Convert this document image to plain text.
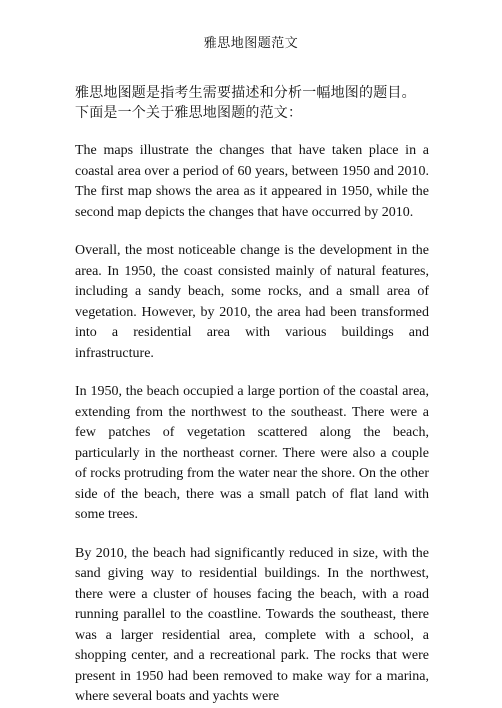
雅思地图题范文

雅思地图题是指考生需要描述和分析一幅地图的题目。下面是一个关于雅思地图题的范文：

The maps illustrate the changes that have taken place in a coastal area over a period of 60 years, between 1950 and 2010. The first map shows the area as it appeared in 1950, while the second map depicts the changes that have occurred by 2010.

Overall, the most noticeable change is the development in the area. In 1950, the coast consisted mainly of natural features, including a sandy beach, some rocks, and a small area of vegetation. However, by 2010, the area had been transformed into a residential area with various buildings and infrastructure.

In 1950, the beach occupied a large portion of the coastal area, extending from the northwest to the southeast. There were a few patches of vegetation scattered along the beach, particularly in the northeast corner. There were also a couple of rocks protruding from the water near the shore. On the other side of the beach, there was a small patch of flat land with some trees.

By 2010, the beach had significantly reduced in size, with the sand giving way to residential buildings. In the northwest, there were a cluster of houses facing the beach, with a road running parallel to the coastline. Towards the southeast, there was a larger residential area, complete with a school, a shopping center, and a recreational park. The rocks that were present in 1950 had been removed to make way for a marina, where several boats and yachts were
